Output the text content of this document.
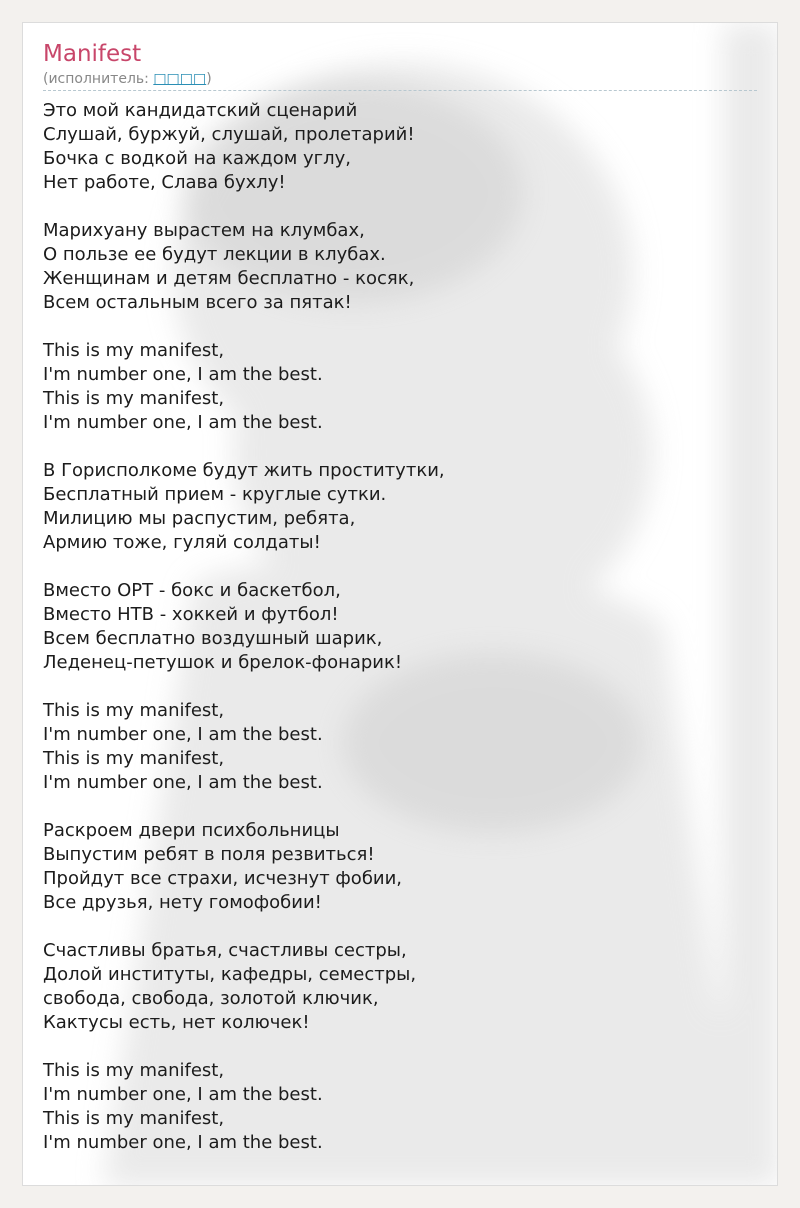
Manifest
(исполнитель: □□□□)
Это мой кандидатский сценарий
Слушай, буржуй, слушай, пролетарий!
Бочка с водкой на каждом углу,
Нет работе, Слава бухлу!
Марихуану вырастем на клумбах,
О пользе ее будут лекции в клубах.
Женщинам и детям бесплатно - косяк,
Всем остальным всего за пятак!
This is my manifest,
I'm number one, I am the best.
This is my manifest,
I'm number one, I am the best.
В Горисполкоме будут жить проститутки,
Бесплатный прием - круглые сутки.
Милицию мы распустим, ребята,
Армию тоже, гуляй солдаты!
Вместо ОРТ - бокс и баскетбол,
Вместо НТВ - хоккей и футбол!
Всем бесплатно воздушный шарик,
Леденец-петушок и брелок-фонарик!
This is my manifest,
I'm number one, I am the best.
This is my manifest,
I'm number one, I am the best.
Раскроем двери психбольницы
Выпустим ребят в поля резвиться!
Пройдут все страхи, исчезнут фобии,
Все друзья, нету гомофобии!
Счастливы братья, счастливы сестры,
Долой институты, кафедры, семестры,
свобода, свобода, золотой ключик,
Кактусы есть, нет колючек!
This is my manifest,
I'm number one, I am the best.
This is my manifest,
I'm number one, I am the best.
